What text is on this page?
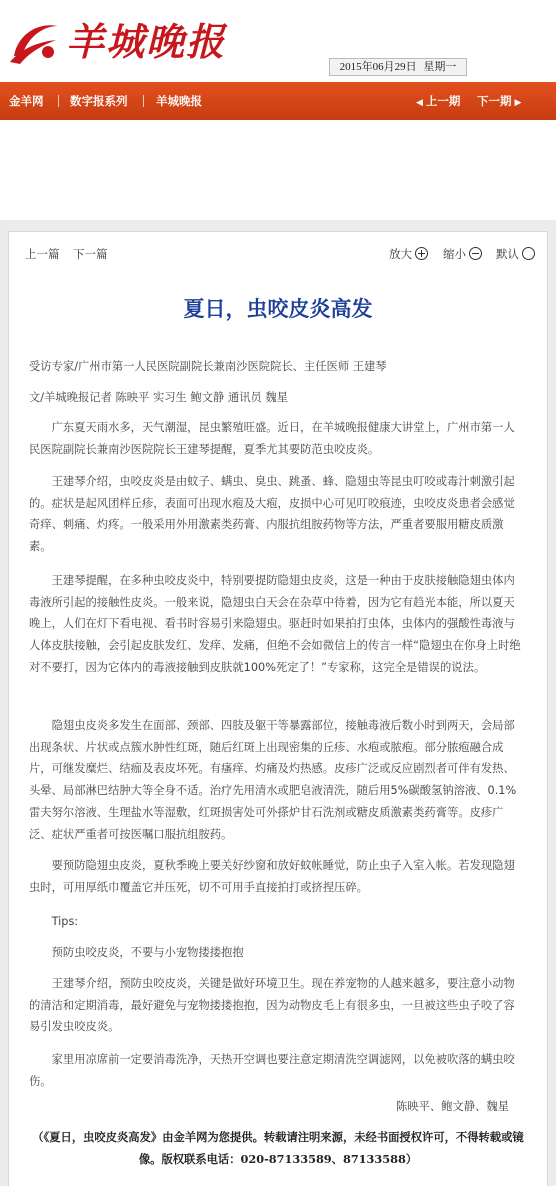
羊城晚报
2015年06月29日 星期一
金羊网 数字报系列 羊城晚报	◀ 上一期 下一期 ▶
上一篇 下一篇	放大	缩小	默认
夏日，虫咬皮炎高发

受访专家/广州市第一人民医院副院长兼南沙医院院长、主任医师 王建琴

文/羊城晚报记者 陈映平 实习生 鲍文静 通讯员 魏星

广东夏天雨水多，天气潮湿，昆虫繁殖旺盛。近日，在羊城晚报健康大讲堂上，广州市第一人民医院副院长兼南沙医院院长王建琴提醒，夏季尤其要防范虫咬皮炎。

王建琴介绍，虫咬皮炎是由蚊子、螨虫、臭虫、跳蚤、蜂、隐翅虫等昆虫叮咬或毒汁刺激引起的。症状是起风团样丘疹，表面可出现水疱及大疱，皮损中心可见叮咬痕迹，虫咬皮炎患者会感觉奇痒、刺痛、灼疼。一般采用外用激素类药膏、内服抗组胺药物等方法，严重者要服用糖皮质激素。

王建琴提醒，在多种虫咬皮炎中，特别要提防隐翅虫皮炎，这是一种由于皮肤接触隐翅虫体内毒液所引起的接触性皮炎。一般来说，隐翅虫白天会在杂草中待着，因为它有趋光本能，所以夏天晚上，人们在灯下看电视、看书时容易引来隐翅虫。驱赶时如果拍打虫体，虫体内的强酸性毒液与人体皮肤接触，会引起皮肤发红、发痒、发痛，但绝不会如微信上的传言一样“隐翅虫在你身上时绝对不要打，因为它体内的毒液接触到皮肤就100%死定了！”专家称，这完全是错误的说法。

隐翅虫皮炎多发生在面部、颈部、四肢及躯干等暴露部位，接触毒液后数小时到两天，会局部出现条状、片状或点簇水肿性红斑，随后红斑上出现密集的丘疹、水疱或脓疱。部分脓疱融合成片，可继发糜烂、结痂及表皮坏死。有瘙痒、灼痛及灼热感。皮疹广泛或反应剧烈者可伴有发热、头晕、局部淋巴结肿大等全身不适。治疗先用清水或肥皂液清洗，随后用5%碳酸氢钠溶液、0.1%雷夫努尔溶液、生理盐水等湿敷，红斑损害处可外搽炉甘石洗剂或糖皮质激素类药膏等。皮疹广泛、症状严重者可按医嘱口服抗组胺药。

要预防隐翅虫皮炎，夏秋季晚上要关好纱窗和放好蚊帐睡觉，防止虫子入室入帐。若发现隐翅虫时，可用厚纸巾覆盖它并压死，切不可用手直接拍打或挤捏压碎。

Tips:

预防虫咬皮炎，不要与小宠物搂搂抱抱

王建琴介绍，预防虫咬皮炎，关键是做好环境卫生。现在养宠物的人越来越多，要注意小动物的清洁和定期消毒，最好避免与宠物搂搂抱抱，因为动物皮毛上有很多虫，一旦被这些虫子咬了容易引发虫咬皮炎。

家里用凉席前一定要消毒洗净，天热开空调也要注意定期清洗空调滤网，以免被吹落的螨虫咬伤。

陈映平、鲍文静、魏星
（《夏日，虫咬皮炎高发》由金羊网为您提供。转载请注明来源，未经书面授权许可，不得转载或镜
像。版权联系电话：020-87133589、87133588）
